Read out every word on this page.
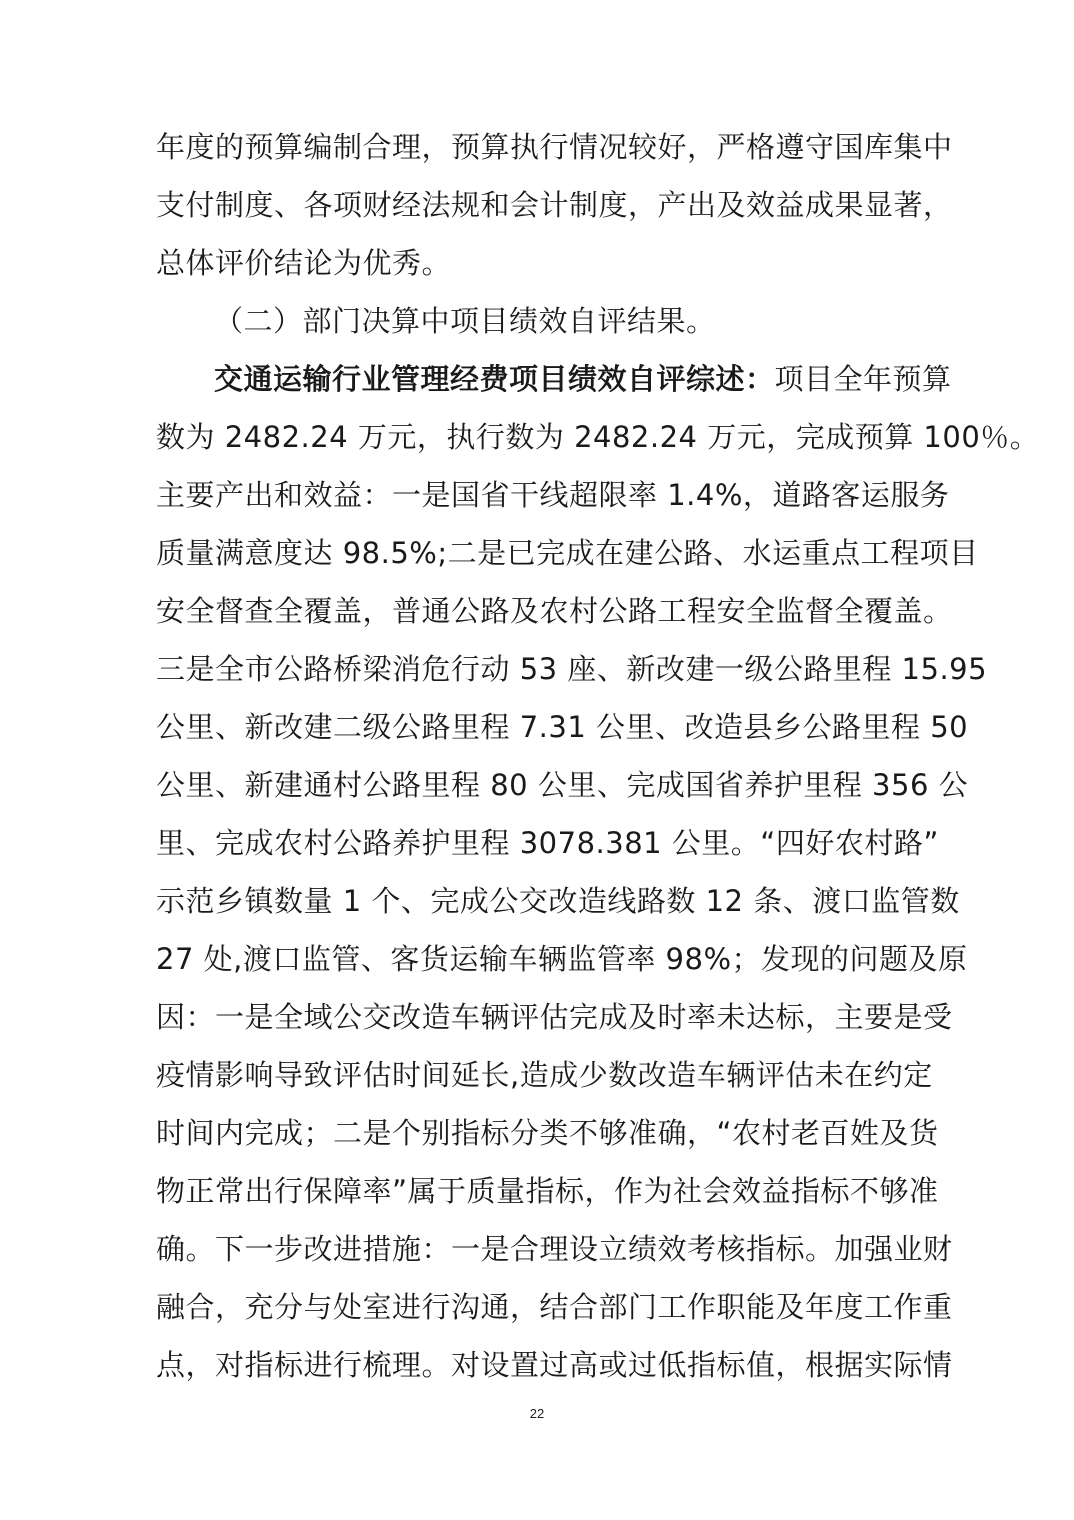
年度的预算编制合理，预算执行情况较好，严格遵守国库集中
支付制度、各项财经法规和会计制度，产出及效益成果显著，
总体评价结论为优秀。
（二）部门决算中项目绩效自评结果。
交通运输行业管理经费项目绩效自评综述：项目全年预算
数为 2482.24 万元，执行数为 2482.24 万元，完成预算 100％。
主要产出和效益：一是国省干线超限率 1.4%，道路客运服务
质量满意度达 98.5%;二是已完成在建公路、水运重点工程项目
安全督查全覆盖，普通公路及农村公路工程安全监督全覆盖。
三是全市公路桥梁消危行动 53 座、新改建一级公路里程 15.95
公里、新改建二级公路里程 7.31 公里、改造县乡公路里程 50
公里、新建通村公路里程 80 公里、完成国省养护里程 356 公
里、完成农村公路养护里程 3078.381 公里。“四好农村路”
示范乡镇数量 1 个、完成公交改造线路数 12 条、渡口监管数
27 处,渡口监管、客货运输车辆监管率 98%；发现的问题及原
因：一是全域公交改造车辆评估完成及时率未达标，主要是受
疫情影响导致评估时间延长,造成少数改造车辆评估未在约定
时间内完成；二是个别指标分类不够准确，“农村老百姓及货
物正常出行保障率”属于质量指标，作为社会效益指标不够准
确。下一步改进措施：一是合理设立绩效考核指标。加强业财
融合，充分与处室进行沟通，结合部门工作职能及年度工作重
点，对指标进行梳理。对设置过高或过低指标值，根据实际情
22
